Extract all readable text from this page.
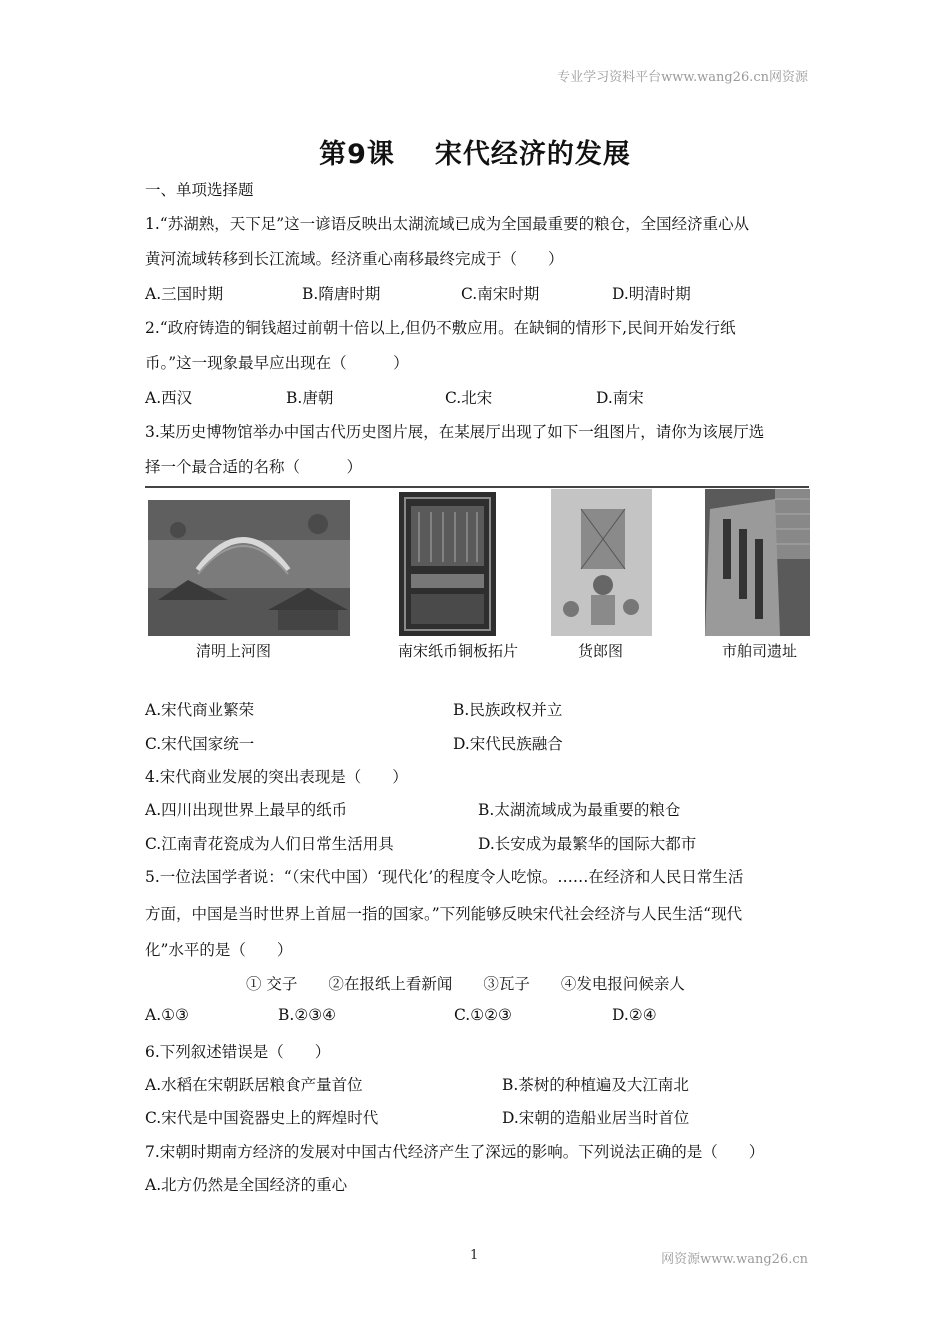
专业学习资料平台www.wang26.cn网资源
第9课 宋代经济的发展
一、单项选择题
1.“苏湖熟，天下足”这一谚语反映出太湖流域已成为全国最重要的粮仓，全国经济重心从
黄河流域转移到长江流域。经济重心南移最终完成于（　　）
A.三国时期	B.隋唐时期	C.南宋时期	D.明清时期
2.“政府铸造的铜钱超过前朝十倍以上,但仍不敷应用。在缺铜的情形下,民间开始发行纸
币。”这一现象最早应出现在（　　　）
A.西汉	B.唐朝	C.北宋	D.南宋
3.某历史博物馆举办中国古代历史图片展，在某展厅出现了如下一组图片，请你为该展厅选
择一个最合适的名称（　　　）
清明上河图	南宋纸币铜板拓片	货郎图	市舶司遗址
A.宋代商业繁荣	B.民族政权并立
C.宋代国家统一	D.宋代民族融合
4.宋代商业发展的突出表现是（　　）
A.四川出现世界上最早的纸币	B.太湖流域成为最重要的粮仓
C.江南青花瓷成为人们日常生活用具	D.长安成为最繁华的国际大都市
5.一位法国学者说：“（宋代中国）‘现代化’的程度令人吃惊。……在经济和人民日常生活
方面，中国是当时世界上首屈一指的国家。”下列能够反映宋代社会经济与人民生活“现代
化”水平的是（　　）
① 交子　　②在报纸上看新闻　　③瓦子　　④发电报问候亲人
A.①③	B.②③④	C.①②③	D.②④
6.下列叙述错误是（　　）
A.水稻在宋朝跃居粮食产量首位	B.茶树的种植遍及大江南北
C.宋代是中国瓷器史上的辉煌时代	D.宋朝的造船业居当时首位
7.宋朝时期南方经济的发展对中国古代经济产生了深远的影响。下列说法正确的是（　　）
A.北方仍然是全国经济的重心
1	网资源www.wang26.cn
